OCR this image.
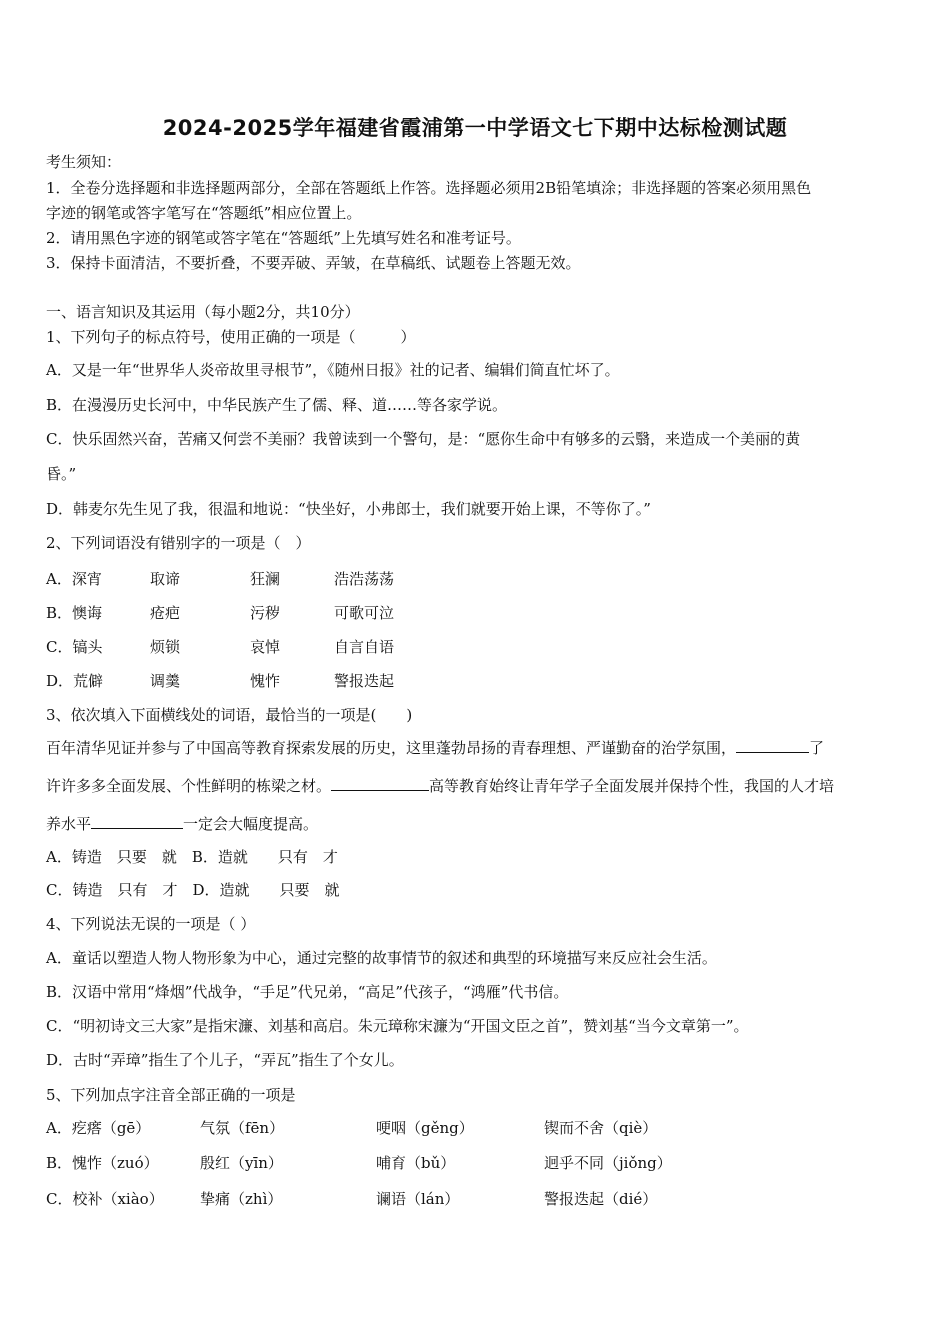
2024-2025学年福建省霞浦第一中学语文七下期中达标检测试题
考生须知：
1．全卷分选择题和非选择题两部分，全部在答题纸上作答。选择题必须用2B铅笔填涂；非选择题的答案必须用黑色
字迹的钢笔或答字笔写在“答题纸”相应位置上。
2．请用黑色字迹的钢笔或答字笔在“答题纸”上先填写姓名和准考证号。
3．保持卡面清洁，不要折叠，不要弄破、弄皱，在草稿纸、试题卷上答题无效。
一、语言知识及其运用（每小题2分，共10分）
1、下列句子的标点符号，使用正确的一项是（　　　）
A．又是一年“世界华人炎帝故里寻根节”，《随州日报》社的记者、编辑们简直忙坏了。
B．在漫漫历史长河中，中华民族产生了儒、释、道……等各家学说。
C．快乐固然兴奋，苦痛又何尝不美丽？我曾读到一个警句，是：“愿你生命中有够多的云翳，来造成一个美丽的黄
昏。”
D．韩麦尔先生见了我，很温和地说：“快坐好，小弗郎士，我们就要开始上课，不等你了。”
2、下列词语没有错别字的一项是（　）
A．深宵	取谛	狂澜	浩浩荡荡
B．懊诲	疮疤	污秽	可歌可泣
C．镐头	烦锁	哀悼	自言自语
D．荒僻	调羹	愧怍	警报迭起
3、依次填入下面横线处的词语，最恰当的一项是(　　)
百年清华见证并参与了中国高等教育探索发展的历史，这里蓬勃昂扬的青春理想、严谨勤奋的治学氛围，	了
许许多多全面发展、个性鲜明的栋梁之材。	高等教育始终让青年学子全面发展并保持个性，我国的人才培
养水平	一定会大幅度提高。
A．铸造　只要　就　B．造就　　只有　才
C．铸造　只有　才　D．造就　　只要　就
4、下列说法无误的一项是（ ）
A．童话以塑造人物人物形象为中心，通过完整的故事情节的叙述和典型的环境描写来反应社会生活。
B．汉语中常用“烽烟”代战争，“手足”代兄弟，“高足”代孩子，“鸿雁”代书信。
C．“明初诗文三大家”是指宋濂、刘基和高启。朱元璋称宋濂为“开国文臣之首”，赞刘基“当今文章第一”。
D．古时“弄璋”指生了个儿子，“弄瓦”指生了个女儿。
5、下列加点字注音全部正确的一项是
A．疙瘩（gē）	气氛（fēn）	哽咽（gěng）	锲而不舍（qiè）
B．愧怍（zuó）	殷红（yīn）	哺育（bǔ）	迥乎不同（jiǒng）
C．校补（xiào） 挚痛（zhì）	谰语（lán）	警报迭起（dié）
